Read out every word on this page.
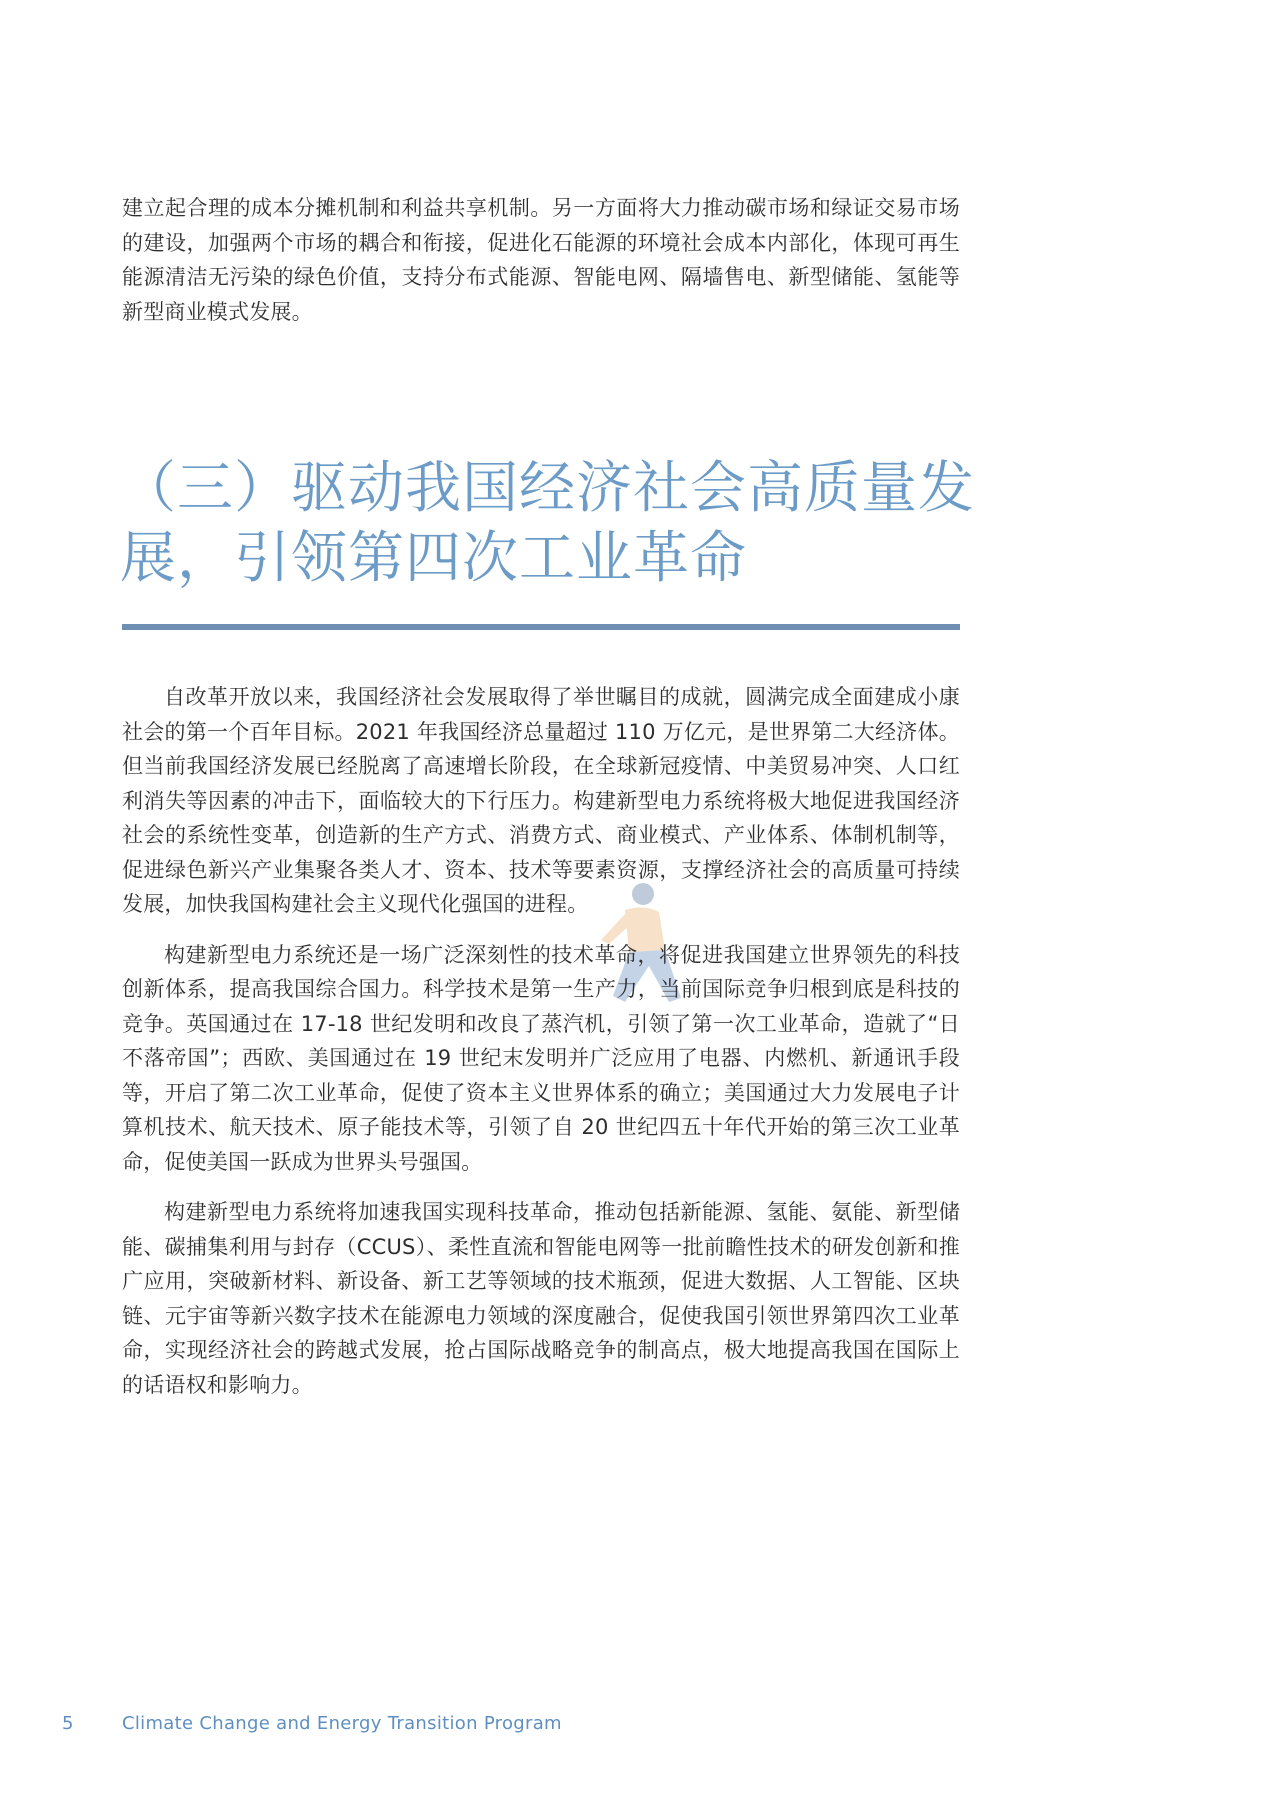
建立起合理的成本分摊机制和利益共享机制。另一方面将大力推动碳市场和绿证交易市场的建设，加强两个市场的耦合和衔接，促进化石能源的环境社会成本内部化，体现可再生能源清洁无污染的绿色价值，支持分布式能源、智能电网、隔墙售电、新型储能、氢能等新型商业模式发展。

（三）驱动我国经济社会高质量发
展，引领第四次工业革命

自改革开放以来，我国经济社会发展取得了举世瞩目的成就，圆满完成全面建成小康社会的第一个百年目标。2021 年我国经济总量超过 110 万亿元，是世界第二大经济体。但当前我国经济发展已经脱离了高速增长阶段，在全球新冠疫情、中美贸易冲突、人口红利消失等因素的冲击下，面临较大的下行压力。构建新型电力系统将极大地促进我国经济社会的系统性变革，创造新的生产方式、消费方式、商业模式、产业体系、体制机制等，促进绿色新兴产业集聚各类人才、资本、技术等要素资源，支撑经济社会的高质量可持续发展，加快我国构建社会主义现代化强国的进程。

构建新型电力系统还是一场广泛深刻性的技术革命，将促进我国建立世界领先的科技创新体系，提高我国综合国力。科学技术是第一生产力，当前国际竞争归根到底是科技的竞争。英国通过在 17-18 世纪发明和改良了蒸汽机，引领了第一次工业革命，造就了“日不落帝国”；西欧、美国通过在 19 世纪末发明并广泛应用了电器、内燃机、新通讯手段等，开启了第二次工业革命，促使了资本主义世界体系的确立；美国通过大力发展电子计算机技术、航天技术、原子能技术等，引领了自 20 世纪四五十年代开始的第三次工业革命，促使美国一跃成为世界头号强国。

构建新型电力系统将加速我国实现科技革命，推动包括新能源、氢能、氨能、新型储能、碳捕集利用与封存（CCUS）、柔性直流和智能电网等一批前瞻性技术的研发创新和推广应用，突破新材料、新设备、新工艺等领域的技术瓶颈，促进大数据、人工智能、区块链、元宇宙等新兴数字技术在能源电力领域的深度融合，促使我国引领世界第四次工业革命，实现经济社会的跨越式发展，抢占国际战略竞争的制高点，极大地提高我国在国际上的话语权和影响力。

5	Climate Change and Energy Transition Program
